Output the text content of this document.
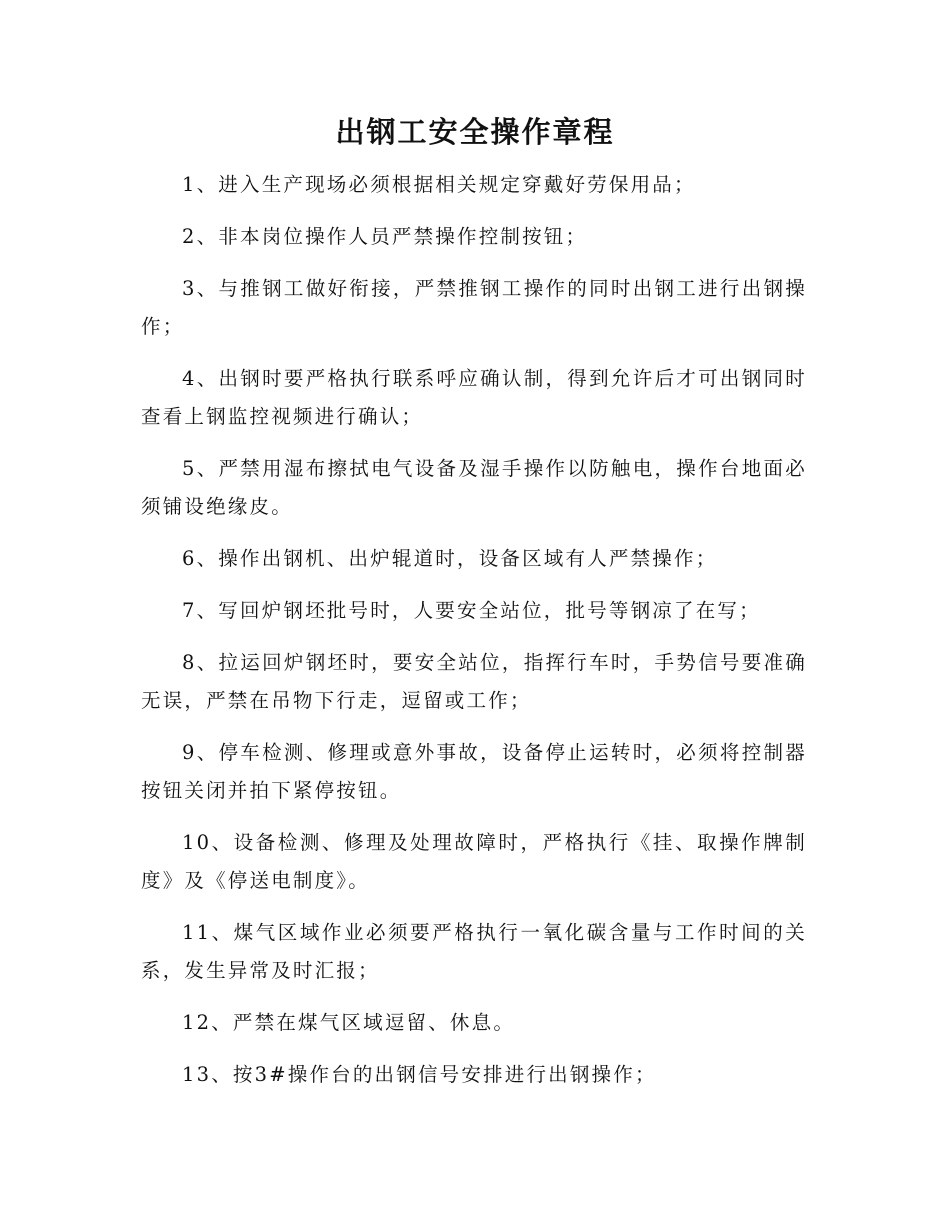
出钢工安全操作章程

1、进入生产现场必须根据相关规定穿戴好劳保用品；

2、非本岗位操作人员严禁操作控制按钮；

3、与推钢工做好衔接，严禁推钢工操作的同时出钢工进行出钢操作；

4、出钢时要严格执行联系呼应确认制，得到允许后才可出钢同时查看上钢监控视频进行确认；

5、严禁用湿布擦拭电气设备及湿手操作以防触电，操作台地面必须铺设绝缘皮。

6、操作出钢机、出炉辊道时，设备区域有人严禁操作；

7、写回炉钢坯批号时，人要安全站位，批号等钢凉了在写；

8、拉运回炉钢坯时，要安全站位，指挥行车时，手势信号要准确无误，严禁在吊物下行走，逗留或工作；

9、停车检测、修理或意外事故，设备停止运转时，必须将控制器按钮关闭并拍下紧停按钮。

10、设备检测、修理及处理故障时，严格执行《挂、取操作牌制度》及《停送电制度》。

11、煤气区域作业必须要严格执行一氧化碳含量与工作时间的关系，发生异常及时汇报；

12、严禁在煤气区域逗留、休息。

13、按3#操作台的出钢信号安排进行出钢操作；
